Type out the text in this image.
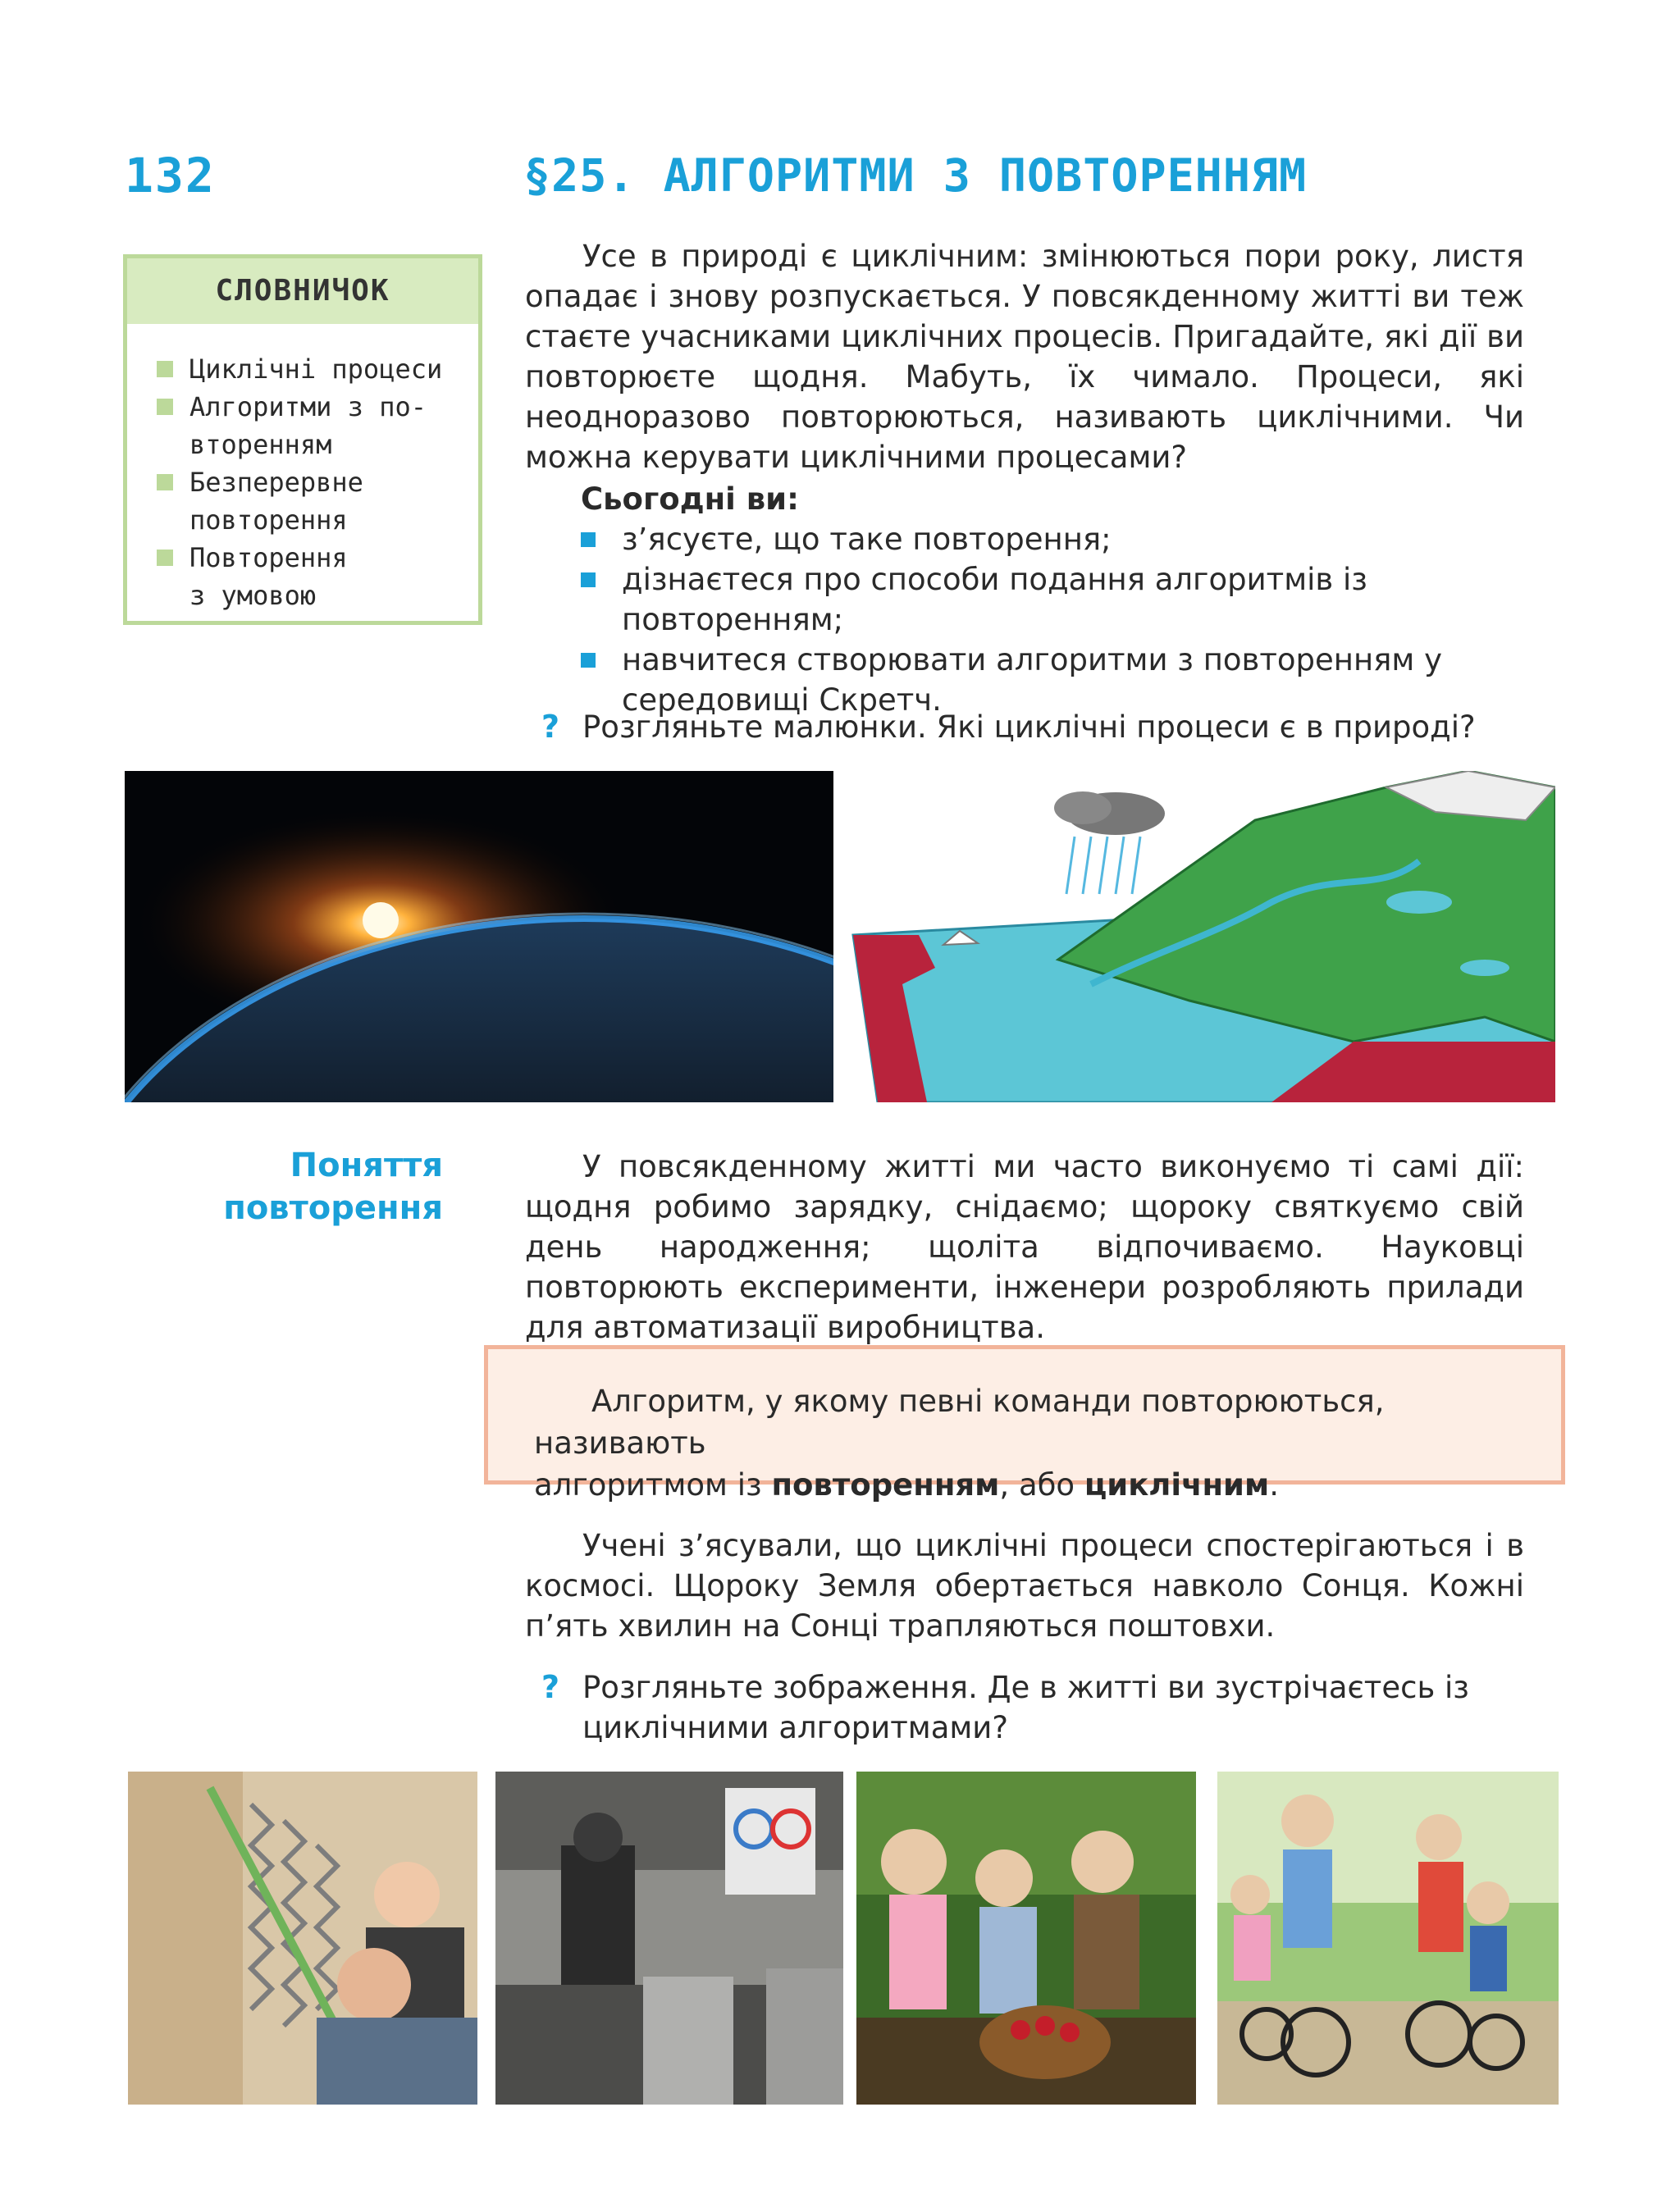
132	§25. АЛГОРИТМИ З ПОВТОРЕННЯМ
СЛОВНИЧОК
Циклічні процеси
Алгоритми з по-
вторенням
Безперервне
повторення
Повторення
з умовою

Усе в природі є циклічним: змінюються пори року, листя опадає і знову розпускається. У повсякденному житті ви теж стаєте учасниками циклічних процесів. Пригадайте, які дії ви повторюєте щодня. Мабуть, їх чимало. Процеси, які неодноразово повторюються, називають циклічними. Чи можна керувати циклічними процесами?

Сьогодні ви:
з’ясуєте, що таке повторення;
дізнаєтеся про способи подання алгоритмів із повторенням;
навчитеся створювати алгоритми з повторенням у середовищі Скретч.
? Розгляньте малюнки. Які циклічні процеси є в природі?
Поняття
повторення

У повсякденному житті ми часто виконуємо ті самі дії: щодня робимо зарядку, снідаємо; щороку святкуємо свій день народження; щоліта відпочиваємо. Науковці повторюють експерименти, інженери розробляють прилади для автоматизації виробництва.

Алгоритм, у якому певні команди повторюються, називають
алгоритмом із повторенням, або циклічним.

Учені з’ясували, що циклічні процеси спостерігаються і в космосі. Щороку Земля обертається навколо Сонця. Кожні п’ять хвилин на Сонці трапляються поштовхи.

? Розгляньте зображення. Де в житті ви зустрічаєтесь із циклічними алгоритмами?
